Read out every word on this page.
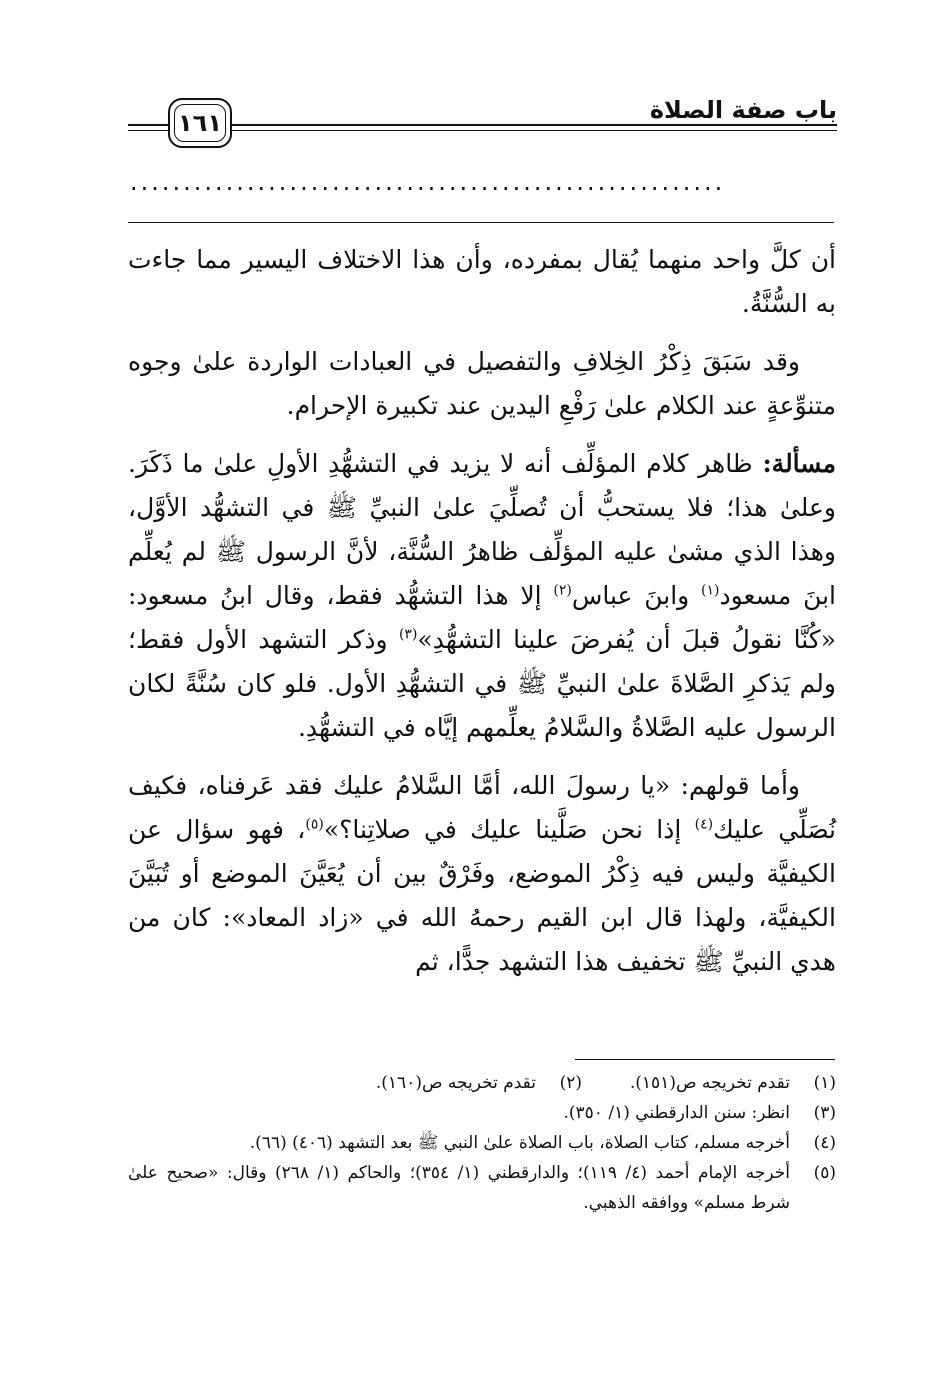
باب صفة الصلاة
١٦١
........................................................

أن كلَّ واحد منهما يُقال بمفرده، وأن هذا الاختلاف اليسير مما جاءت به السُّنَّةُ.

وقد سَبَقَ ذِكْرُ الخِلافِ والتفصيل في العبادات الواردة علىٰ وجوه متنوِّعةٍ عند الكلام علىٰ رَفْعِ اليدين عند تكبيرة الإحرام.

مسألة: ظاهر كلام المؤلِّف أنه لا يزيد في التشهُّدِ الأولِ علىٰ ما ذَكَرَ. وعلىٰ هذا؛ فلا يستحبُّ أن تُصلِّيَ علىٰ النبيِّ ﷺ في التشهُّد الأوَّل، وهذا الذي مشىٰ عليه المؤلِّف ظاهرُ السُّنَّة، لأنَّ الرسول ﷺ لم يُعلِّم ابنَ مسعود$^{(١)}$ وابنَ عباس$^{(٢)}$ إلا هذا التشهُّد فقط، وقال ابنُ مسعود: «كُنَّا نقولُ قبلَ أن يُفرضَ علينا التشهُّدِ»$^{(٣)}$ وذكر التشهد الأول فقط؛ ولم يَذكرِ الصَّلاةَ علىٰ النبيِّ ﷺ في التشهُّدِ الأول. فلو كان سُنَّةً لكان الرسول عليه الصَّلاةُ والسَّلامُ يعلِّمهم إيَّاه في التشهُّدِ.

وأما قولهم: «يا رسولَ الله، أمَّا السَّلامُ عليك فقد عَرفناه، فكيف نُصَلِّي عليك$^{(٤)}$ إذا نحن صَلَّينا عليك في صلاتِنا؟»$^{(٥)}$، فهو سؤال عن الكيفيَّة وليس فيه ذِكْرُ الموضع، وفَرْقٌ بين أن يُعَيَّنَ الموضع أو تُبَيَّنَ الكيفيَّة، ولهذا قال ابن القيم رحمهُ الله في «زاد المعاد»: كان من هدي النبيِّ ﷺ تخفيف هذا التشهد جدًّا، ثم

(١)
تقدم تخريجه ص(١٥١).
(٢)
تقدم تخريجه ص(١٦٠).
(٣)
انظر: سنن الدارقطني (١/ ٣٥٠).
(٤)
أخرجه مسلم، كتاب الصلاة، باب الصلاة علىٰ النبي ﷺ بعد التشهد (٤٠٦) (٦٦).
(٥)
أخرجه الإمام أحمد (٤/ ١١٩)؛ والدارقطني (١/ ٣٥٤)؛ والحاكم (١/ ٢٦٨) وقال: «صحيح علىٰ شرط مسلم» ووافقه الذهبي.
